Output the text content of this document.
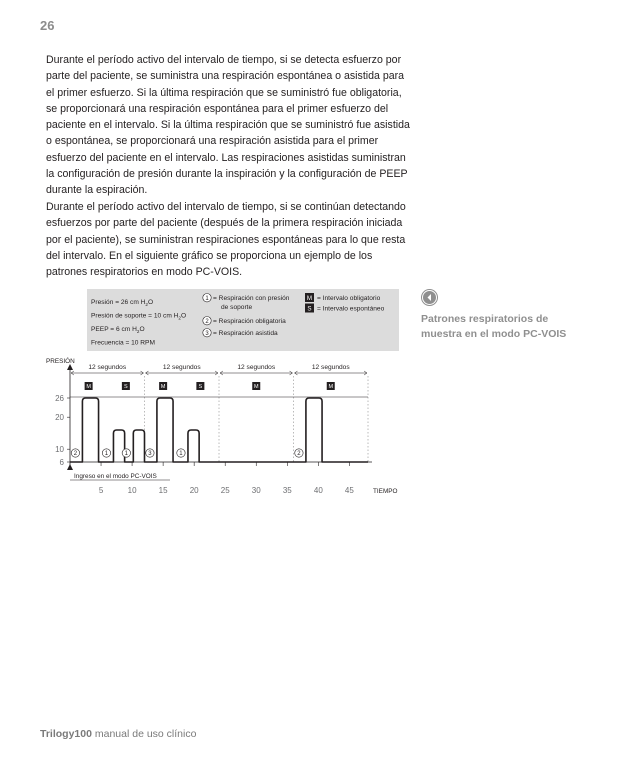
26
Durante el período activo del intervalo de tiempo, si se detecta esfuerzo por parte del paciente, se suministra una respiración espontánea o asistida para el primer esfuerzo. Si la última respiración que se suministró fue obligatoria, se proporcionará una respiración espontánea para el primer esfuerzo del paciente en el intervalo. Si la última respiración que se suministró fue asistida o espontánea, se proporcionará una respiración asistida para el primer esfuerzo del paciente en el intervalo. Las respiraciones asistidas suministran la configuración de presión durante la inspiración y la configuración de PEEP durante la espiración.
Durante el período activo del intervalo de tiempo, si se continúan detectando esfuerzos por parte del paciente (después de la primera respiración iniciada por el paciente), se suministran respiraciones espontáneas para lo que resta del intervalo. En el siguiente gráfico se proporciona un ejemplo de los patrones respiratorios en modo PC-VOIS.
Patrones respiratorios de muestra en el modo PC-VOIS
Presión = 26 cm $H_2O$
Presión de soporte = 10 cm $H_2O$
PEEP = 6 cm $H_2O$
Frecuencia = 10 RPM
1 = Respiración con presión
de soporte
2 = Respiración obligatoria
3 = Respiración asistida
M = Intervalo obligatorio
S = Intervalo espontáneo
PRESIÓN
TIEMPO
12 segundos	12 segundos	12 segundos	12 segundos
M	S	M	S	M	M
2	1	1	3	1	2
6
10
20
26
5	10	15	20	25	30	35	40	45
Ingreso en el modo PC-VOIS
Trilogy100 manual de uso clínico
